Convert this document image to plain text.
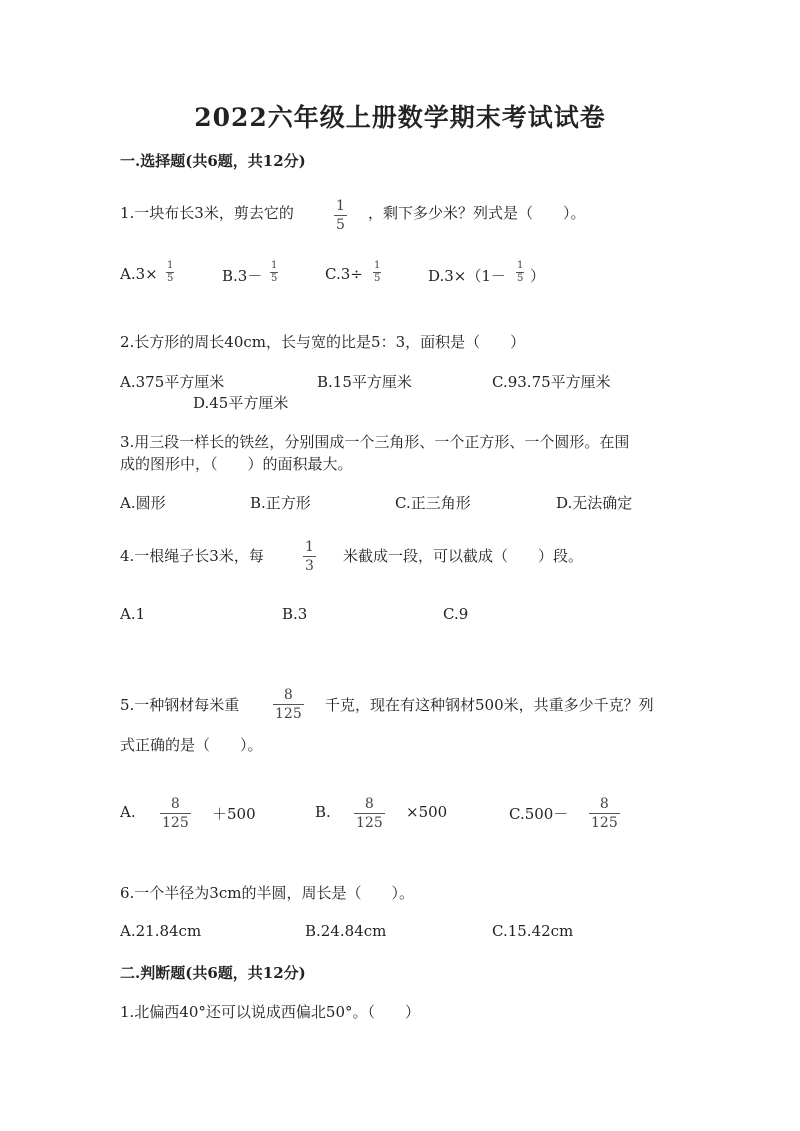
2022六年级上册数学期末考试试卷
一.选择题(共6题，共12分)
1.一块布长3米，剪去它的	1
5
，剩下多少米？列式是（　　）。
A.3× 1
5	B.3－
1
5	C.3÷ 1
5	D.3×（1－
1
5 ）
2.长方形的周长40cm，长与宽的比是5：3，面积是（　　）
A.375平方厘米	B.15平方厘米	C.93.75平方厘米
D.45平方厘米
3.用三段一样长的铁丝，分别围成一个三角形、一个正方形、一个圆形。在围
成的图形中，（　　）的面积最大。
A.圆形	B.正方形	C.正三角形	D.无法确定
4.一根绳子长3米，每	1
3
米截成一段，可以截成（　　）段。
A.1	B.3	C.9
5.一种钢材每米重
8
125 千克，现在有这种钢材500米，共重多少千克？列
式正确的是（　　）。
A.	8
125 ＋500	B. 8
125
×500	C.500－
8
125
6.一个半径为3cm的半圆，周长是（　　）。
A.21.84cm	B.24.84cm	C.15.42cm
二.判断题(共6题，共12分)
1.北偏西40°还可以说成西偏北50°。（　　）
